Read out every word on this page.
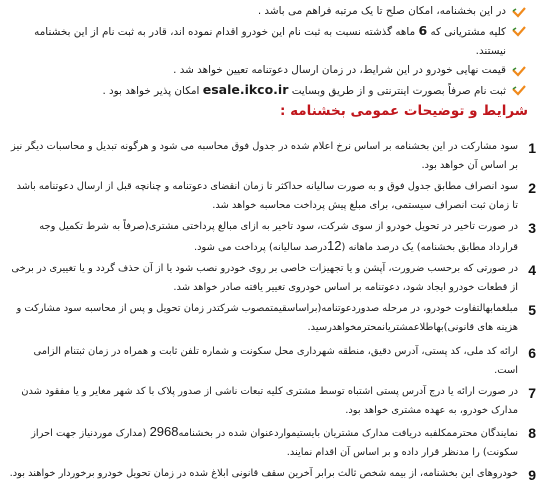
در این بخشنامه، امکان صلح تا یک مرتبه فراهم می باشد .
کلیه مشتریانی که 6 ماهه گذشته نسبت به ثبت نام این خودرو اقدام نموده اند، قادر به ثبت نام از این بخشنامه نیستند.
قیمت نهایی خودرو در این شرایط، در زمان ارسال دعوتنامه تعیین خواهد شد .
ثبت نام صرفاً بصورت اینترنتی و از طریق وبسایت esale.ikco.ir امکان پذیر خواهد بود .
شرایط و توضیحات عمومی بخشنامه :
1

سود مشارکت در این بخشنامه بر اساس نرخ اعلام شده در جدول فوق محاسبه می شود و هرگونه تبدیل و محاسبات دیگر نیز بر اساس آن خواهد بود.

2

سود انصراف مطابق جدول فوق و به صورت سالیانه حداکثر تا زمان انقضای دعوتنامه و چنانچه قبل از ارسال دعوتنامه باشد تا زمان ثبت انصراف سیستمی، برای مبلغ پیش پرداخت محاسبه خواهد شد.

3

در صورت تاخیر در تحویل خودرو از سوی شرکت، سود تاخیر به ازای مبالغ پرداختی مشتری(صرفاً به شرط تکمیل وجه قرارداد مطابق بخشنامه) یک درصد ماهانه (12درصد سالیانه) پرداخت می شود.

4

در صورتی که برحسب ضرورت، آپشن و یا تجهیزات خاصی بر روی خودرو نصب شود یا از آن حذف گردد و یا تغییری در برخی از قطعات خودرو ایجاد شود، دعوتنامه بر اساس خودروی تغییر یافته صادر خواهد شد.

5

مبلغمابهالتفاوت خودرو، در مرحله صدوردعوتنامه(براساسقیمتمصوب شرکتدر زمان تحویل و پس از محاسبه سود مشارکت و هزینه های قانونی)بهاطلاعمشتریانمحترمخواهدرسید.

6

ارائه کد ملی، کد پستی، آدرس دقیق، منطقه شهرداری محل سکونت و شماره تلفن ثابت و همراه در زمان ثبتنام الزامی است.

7

در صورت ارائه یا درج آدرس پستی اشتباه توسط مشتری کلیه تبعات ناشی از صدور پلاک با کد شهر مغایر و یا مفقود شدن مدارک خودرو، به عهده مشتری خواهد بود.

8

نمایندگان محترممکلفبه دریافت مدارک مشتریان بایستیمواردعنوان شده در بخشنامه2968 (مدارک موردنیاز جهت احراز سکونت) را مدنظر قرار داده و بر اساس آن اقدام نمایند.

9

خودروهای این بخشنامه، از بیمه شخص ثالث برابر آخرین سقف قانونی ابلاغ شده در زمان تحویل خودرو برخوردار خواهند بود.
